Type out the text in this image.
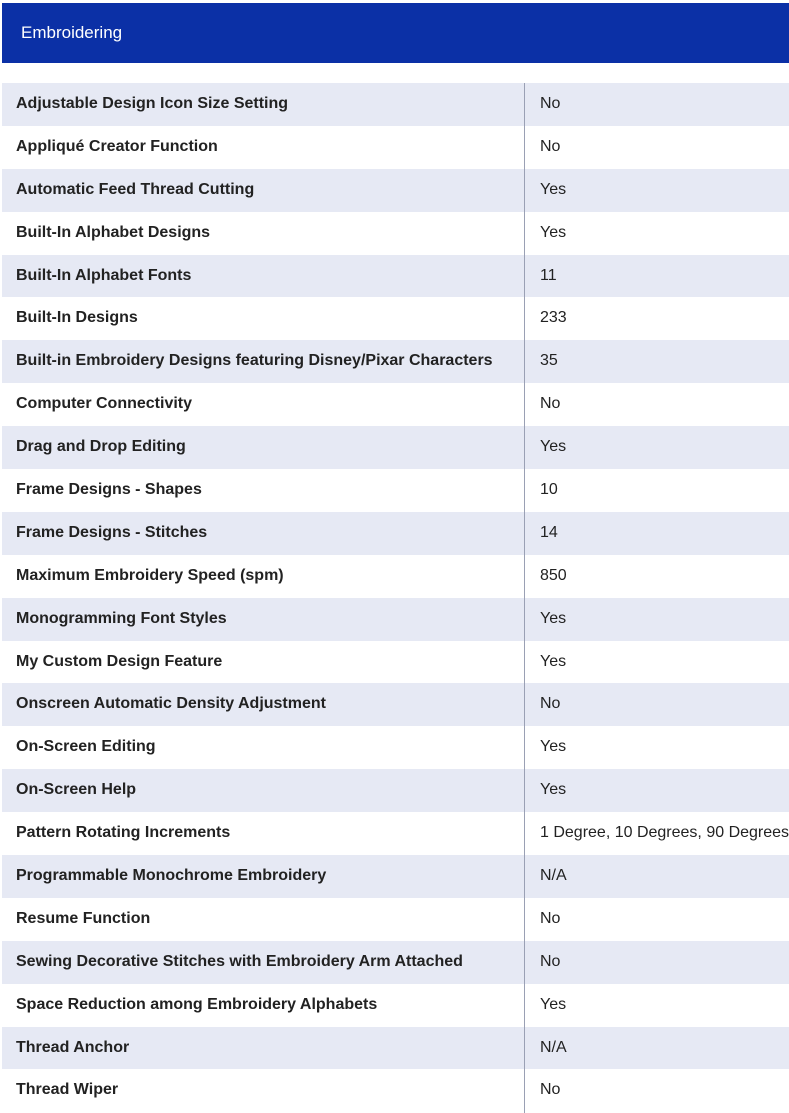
Embroidering
Adjustable Design Icon Size Setting	No
Appliqué Creator Function	No
Automatic Feed Thread Cutting	Yes
Built-In Alphabet Designs	Yes
Built-In Alphabet Fonts	11
Built-In Designs	233
Built-in Embroidery Designs featuring Disney/Pixar Characters	35
Computer Connectivity	No
Drag and Drop Editing	Yes
Frame Designs - Shapes	10
Frame Designs - Stitches	14
Maximum Embroidery Speed (spm)	850
Monogramming Font Styles	Yes
My Custom Design Feature	Yes
Onscreen Automatic Density Adjustment	No
On-Screen Editing	Yes
On-Screen Help	Yes
Pattern Rotating Increments	1 Degree, 10 Degrees, 90 Degrees
Programmable Monochrome Embroidery	N/A
Resume Function	No
Sewing Decorative Stitches with Embroidery Arm Attached	No
Space Reduction among Embroidery Alphabets	Yes
Thread Anchor	N/A
Thread Wiper	No
